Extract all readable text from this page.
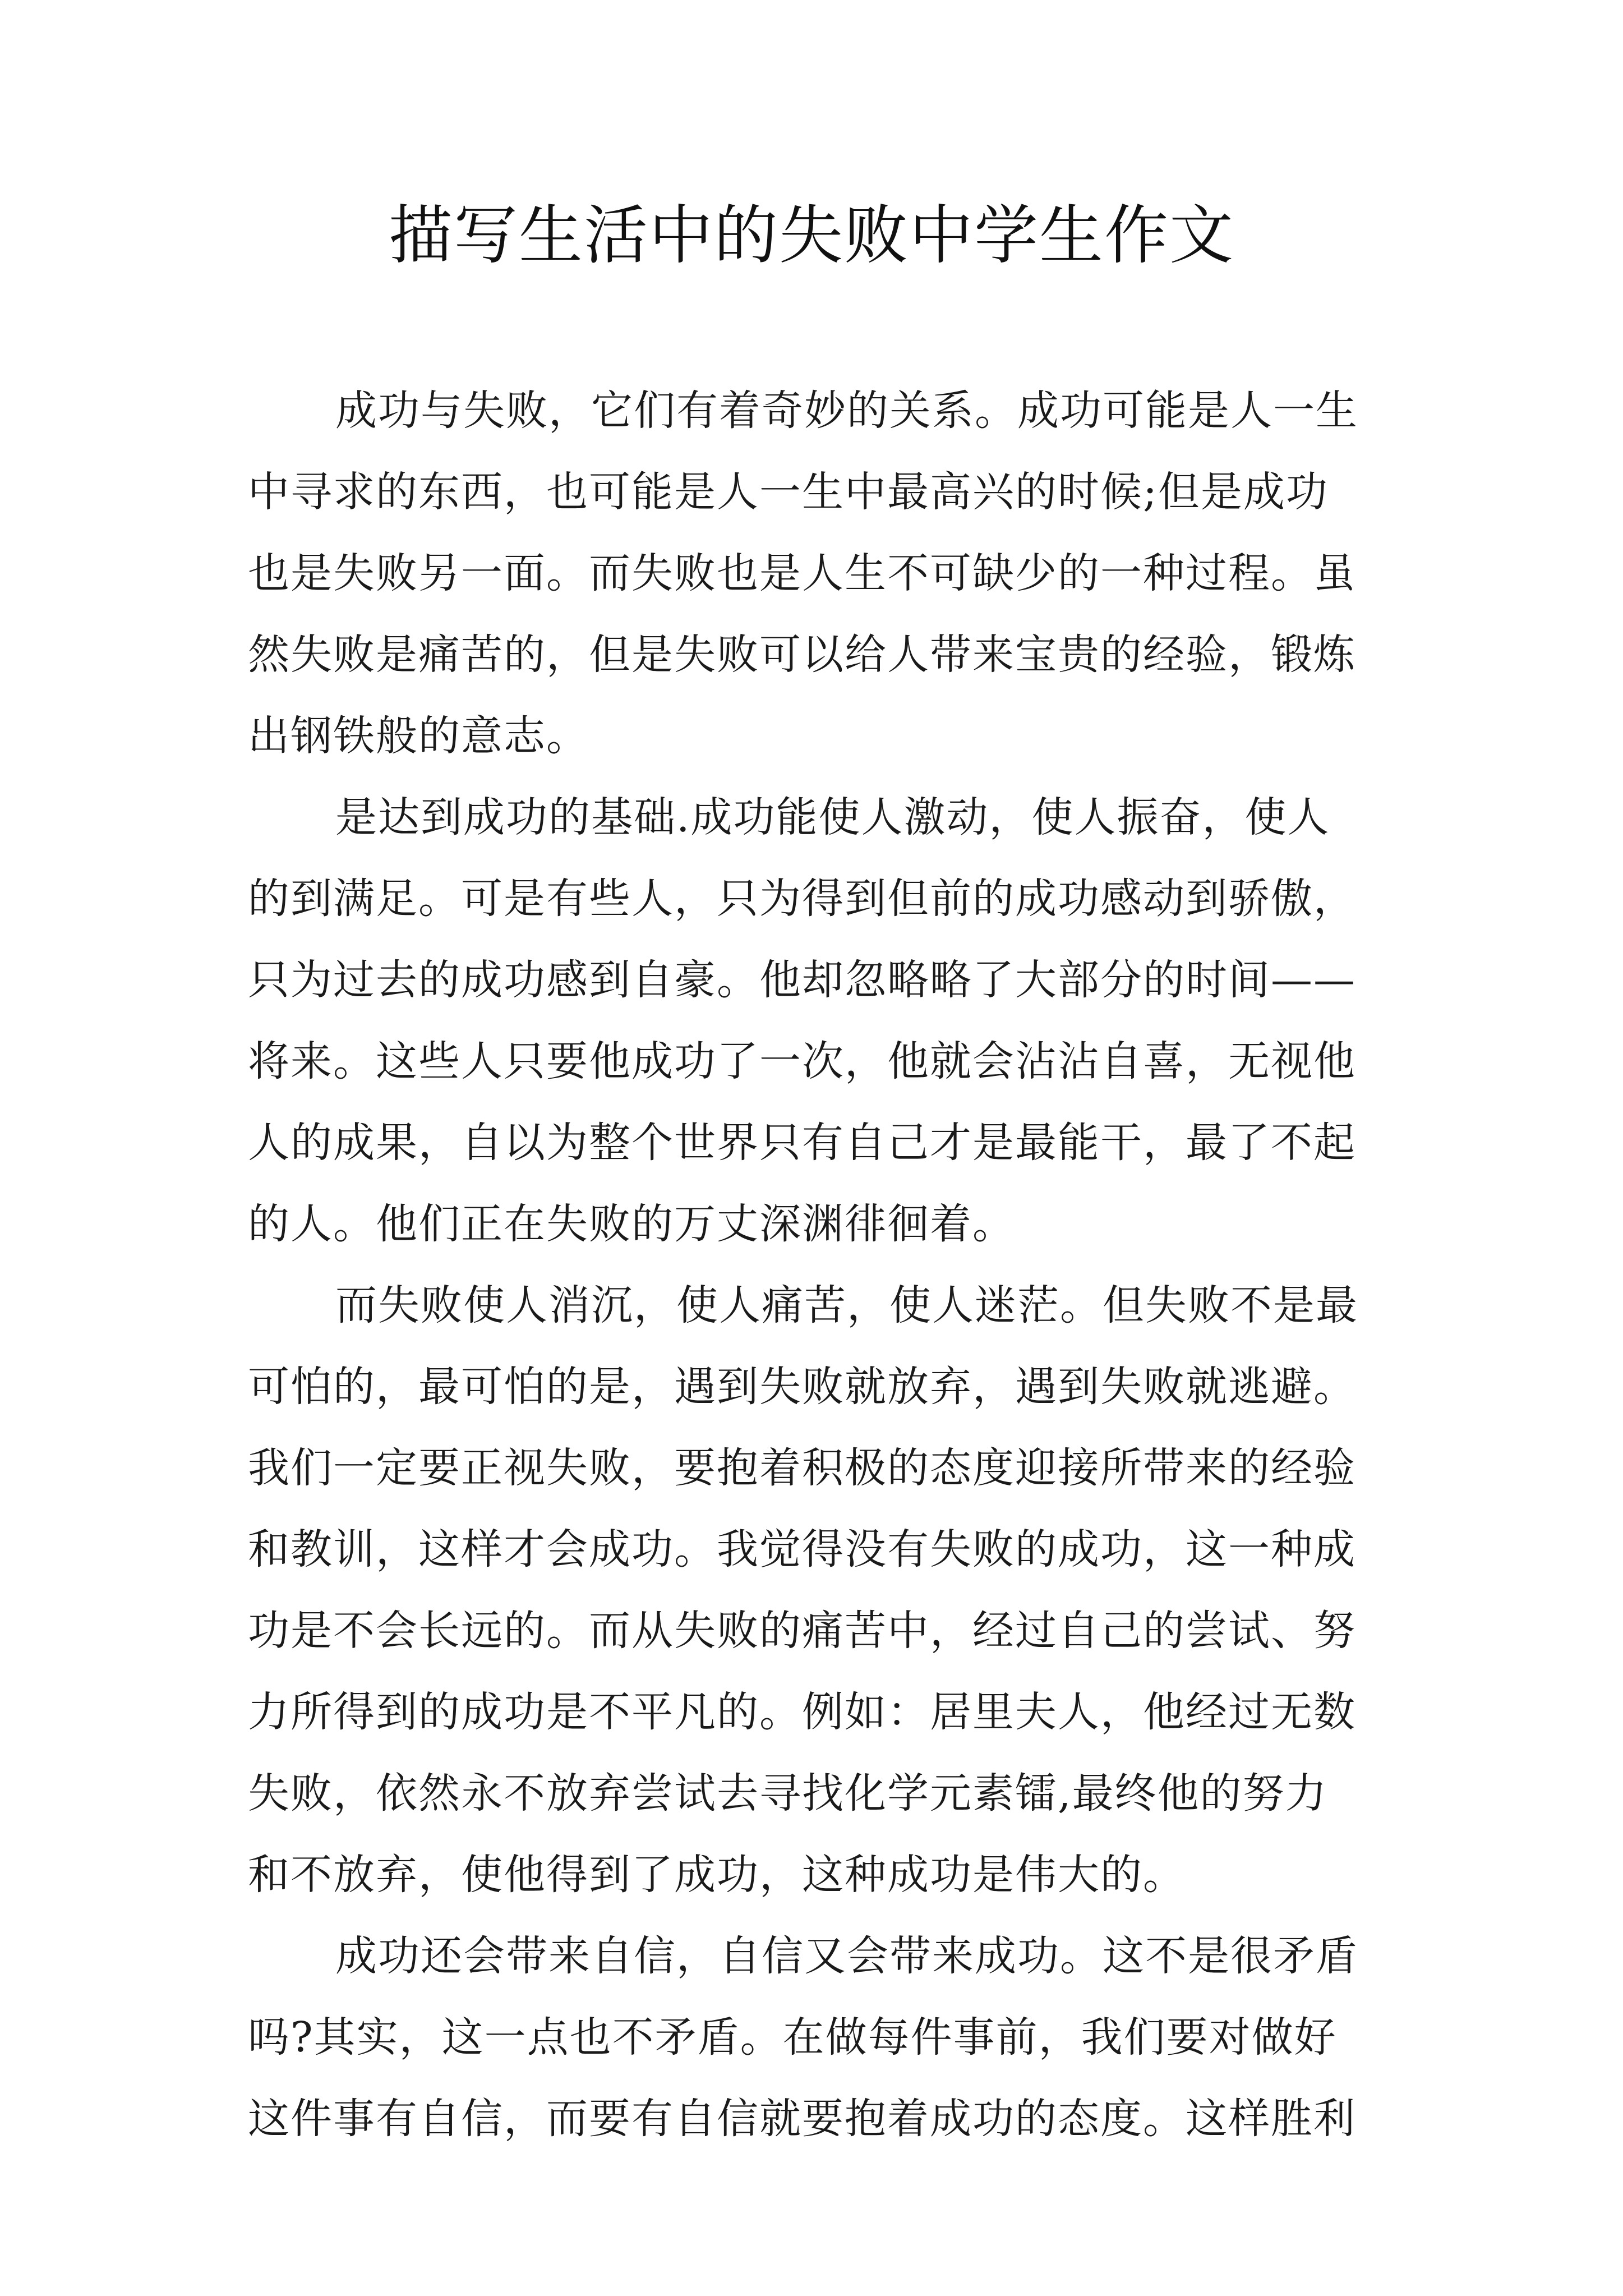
描写生活中的失败中学生作文
成功与失败，它们有着奇妙的关系。成功可能是人一生
中寻求的东西，也可能是人一生中最高兴的时候;但是成功
也是失败另一面。而失败也是人生不可缺少的一种过程。虽
然失败是痛苦的，但是失败可以给人带来宝贵的经验，锻炼
出钢铁般的意志。
是达到成功的基础.成功能使人激动，使人振奋，使人
的到满足。可是有些人，只为得到但前的成功感动到骄傲，
只为过去的成功感到自豪。他却忽略略了大部分的时间——
将来。这些人只要他成功了一次，他就会沾沾自喜，无视他
人的成果，自以为整个世界只有自己才是最能干，最了不起
的人。他们正在失败的万丈深渊徘徊着。
而失败使人消沉，使人痛苦，使人迷茫。但失败不是最
可怕的，最可怕的是，遇到失败就放弃，遇到失败就逃避。
我们一定要正视失败，要抱着积极的态度迎接所带来的经验
和教训，这样才会成功。我觉得没有失败的成功，这一种成
功是不会长远的。而从失败的痛苦中，经过自己的尝试、努
力所得到的成功是不平凡的。例如：居里夫人，他经过无数
失败，依然永不放弃尝试去寻找化学元素镭,最终他的努力
和不放弃，使他得到了成功，这种成功是伟大的。
成功还会带来自信，自信又会带来成功。这不是很矛盾
吗?其实，这一点也不矛盾。在做每件事前，我们要对做好
这件事有自信，而要有自信就要抱着成功的态度。这样胜利
